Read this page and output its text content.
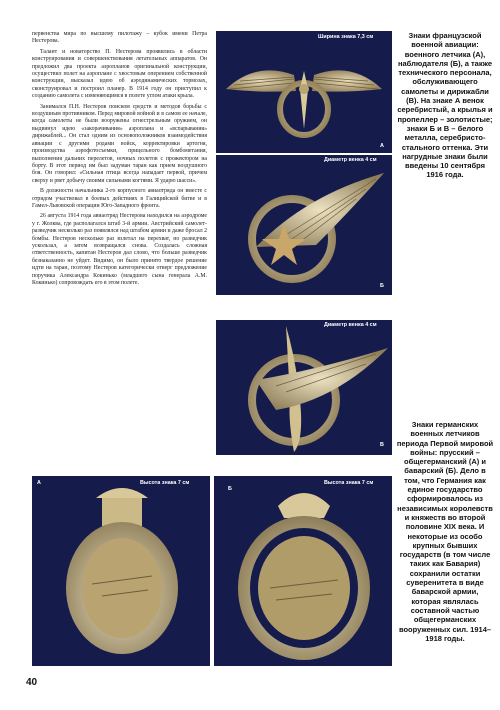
первенства мира по высшему пилотажу – кубок имени Петра Нестерова.

Талант и новаторство П. Нестерова проявились в области конструирования и совершенствования летательных аппаратов. Он предложил два проекта аэропланов оригинальной конструкции, осуществил полет на аэроплане с хвостовым оперением собственной конструкции, высказал идею об аэродинамических тормозах, сконструировал и построил планер. В 1914 году он приступил к созданию самолета с изменяющимся в полете углом атаки крыла.

Занимался П.Н. Нестеров поиском средств и методов борьбы с воздушным противником. Перед мировой войной и в самом ее начале, когда самолеты не были вооружены огнестрельным оружием, он выдвинул идею «закорачивания» аэроплана и «вспарывания» дирижаблей... Он стал одним из основоположников взаимодействия авиации с другими родами войск, корректировки артогня, производства аэрофотосъемки, прицельного бомбометания, выполнения дальних перелетов, ночных полетов с прожектором на борту. В этот период им был задуман таран как прием воздушного боя. Он говорил: «Сильная птица всегда нападает первой, причем сверху и рвет добычу своими сильными когтями. Я ударю шасси».

В должности начальника 2-го корпусного авиаотряда он вместе с отрядом участвовал в боевых действиях в Галицийской битве и в Гамел-Львовской операции Юго-Западного фронта.

26 августа 1914 года авиаотряд Нестерова находился на аэродроме у г. Жолква, где располагался штаб 3-й армии. Австрийский самолет-разведчик несколько раз появлялся над штабом армии и даже бросал 2 бомбы. Нестеров несколько раз взлетал на перехват, но разведчик ускользал, а затем возвращался снова. Создалась сложная ответственность, капитан Нестеров дал слово, что больше разведчик безнаказанно не уйдет. Видимо, он было принято твердое решение идти на таран, поэтому Нестеров категорически отверг предложение поручика Александра Кокинько (младшего сына генерала А.М. Кокинько) сопровождать его в этом полете.

Ширина знака 7,3 см
А
Диаметр венка 4 см
Б
Диаметр венка 4 см
В
А	Высота знака 7 см
Б
Высота знака 7 см
Знаки французской военной авиации: военного летчика (А), наблюдателя (Б), а также технического персонала, обслуживающего самолеты и дирижабли (В). На знаке А венок серебристый, а крылья и пропеллер – золотистые; знаки Б и В – белого металла, серебристо-стального оттенка. Эти нагрудные знаки были введены 10 сентября 1916 года.
Знаки германских военных летчиков периода Первой мировой войны: прусский – общегерманский (А) и баварский (Б). Дело в том, что Германия как единое государство сформировалось из независимых королевств и княжеств во второй половине XIX века. И некоторые из особо крупных бывших государств (в том числе таких как Бавария) сохранили остатки суверенитета в виде баварской армии, которая являлась составной частью общегерманских вооруженных сил. 1914–1918 годы.
40
